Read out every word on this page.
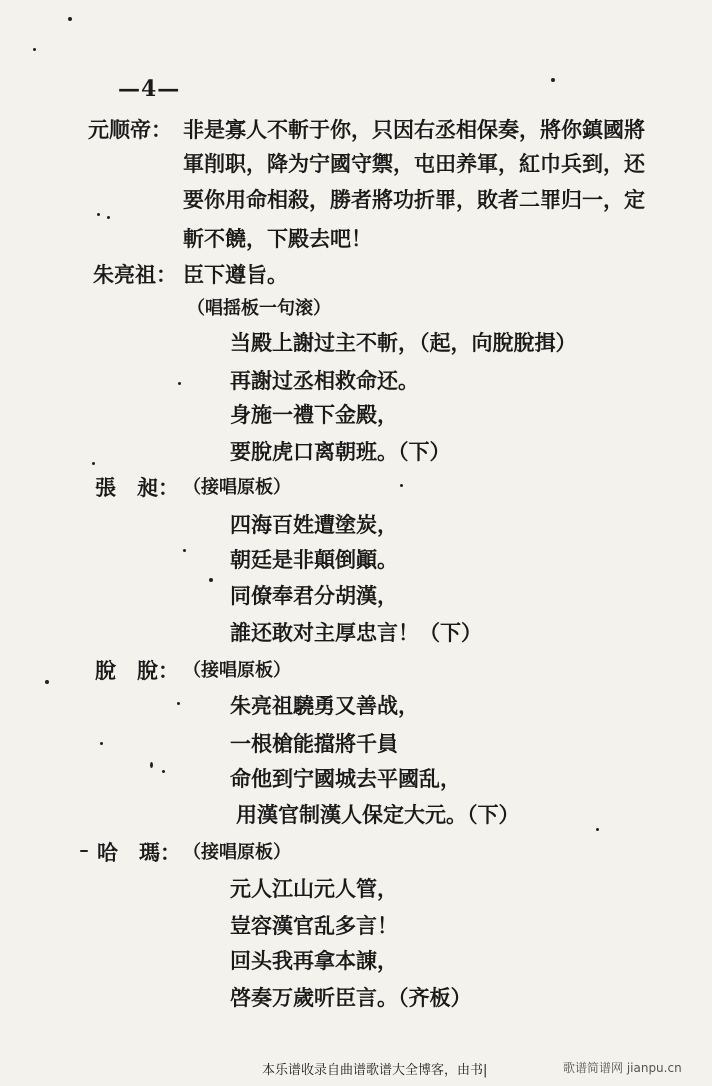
—4—
元顺帝： 非是寡人不斬于你，只因右丞相保奏，將你鎮國將
軍削职，降为宁國守禦，屯田养軍，紅巾兵到，还
要你用命相殺，勝者將功折罪，敗者二罪归一，定
斬不饒，下殿去吧！
朱亮祖： 臣下遵旨。
（唱揺板一句滚）
当殿上謝过主不斬，（起，向脫脫揖）
再謝过丞相救命还。
身施一禮下金殿，
要脫虎口离朝班。（下）
張　昶： （接唱原板）
四海百姓遭塗炭，
朝廷是非顛倒顚。
同僚奉君分胡漢，
誰还敢对主厚忠言！（下）
脫　脫： （接唱原板）
朱亮祖驍勇又善战，
一根槍能擋將千員
命他到宁國城去平國乱，
用漢官制漢人保定大元。（下）
哈　瑪： （接唱原板）
元人江山元人管，
豈容漢官乱多言！
回头我再拿本諌，
啓奏万歲听臣言。（齐板）
本乐谱收录自曲谱歌谱大全博客，由书|	歌谱简谱网 jianpu.cn
